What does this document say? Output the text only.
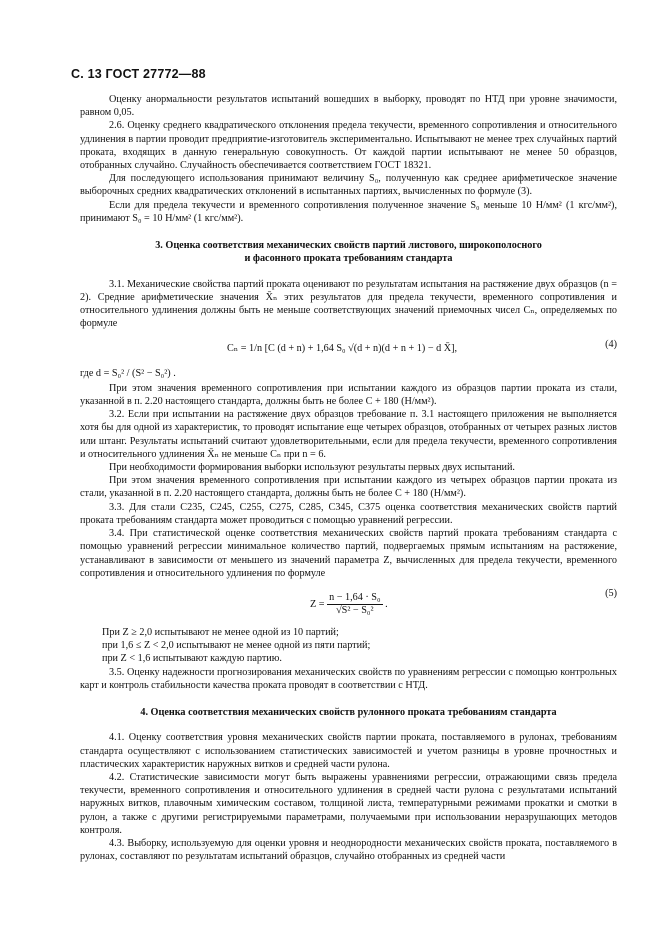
С. 13 ГОСТ 27772—88

Оценку анормальности результатов испытаний вошедших в выборку, проводят по НТД при уровне значимости, равном 0,05.

2.6. Оценку среднего квадратического отклонения предела текучести, временного сопротивления и относительного удлинения в партии проводит предприятие-изготовитель экспериментально. Испытывают не менее трех случайных партий проката, входящих в данную генеральную совокупность. От каждой партии испытывают не менее 50 образцов, отобранных случайно. Случайность обеспечивается соответствием ГОСТ 18321.

Для последующего использования принимают величину S₀, полученную как среднее арифметическое значение выборочных средних квадратических отклонений в испытанных партиях, вычисленных по формуле (3).

Если для предела текучести и временного сопротивления полученное значение S₀ меньше 10 Н/мм² (1 кгс/мм²), принимают S₀ = 10 Н/мм² (1 кгс/мм²).

3. Оценка соответствия механических свойств партий листового, широкополосного
и фасонного проката требованиям стандарта

3.1. Механические свойства партий проката оценивают по результатам испытания на растяжение двух образцов (n = 2). Средние арифметические значения X̄ₙ этих результатов для предела текучести, временного сопротивления и относительного удлинения должны быть не меньше соответствующих значений приемочных чисел Cₙ, определяемых по формуле

Cₙ = 1/n [C (d + n) + 1,64 S₀ √(d + n)(d + n + 1) − d X̄],	(4)

где d = S₀² / (S² − S₀²) .

При этом значения временного сопротивления при испытании каждого из образцов партии проката из стали, указанной в п. 2.20 настоящего стандарта, должны быть не более C + 180 (Н/мм²).

3.2. Если при испытании на растяжение двух образцов требование п. 3.1 настоящего приложения не выполняется хотя бы для одной из характеристик, то проводят испытание еще четырех образцов, отобранных от четырех разных листов или штанг. Результаты испытаний считают удовлетворительными, если для предела текучести, временного сопротивления и относительного удлинения X̄ₙ не меньше Cₙ при n = 6.

При необходимости формирования выборки используют результаты первых двух испытаний.

При этом значения временного сопротивления при испытании каждого из четырех образцов партии проката из стали, указанной в п. 2.20 настоящего стандарта, должны быть не более C + 180 (Н/мм²).

3.3. Для стали С235, С245, С255, С275, С285, С345, С375 оценка соответствия механических свойств партий проката требованиям стандарта может проводиться с помощью уравнений регрессии.

3.4. При статистической оценке соответствия механических свойств партий проката требованиям стандарта с помощью уравнений регрессии минимальное количество партий, подвергаемых прямым испытаниям на растяжение, устанавливают в зависимости от меньшего из значений параметра Z, вычисленных для предела текучести, временного сопротивления и относительного удлинения по формуле

$Z = \frac{\text{n − 1,64 · S₀}}{\text{√S² − S₀²}}$ .
(5)

При Z ≥ 2,0 испытывают не менее одной из 10 партий;

при 1,6 ≤ Z < 2,0 испытывают не менее одной из пяти партий;

при Z < 1,6 испытывают каждую партию.

3.5. Оценку надежности прогнозирования механических свойств по уравнениям регрессии с помощью контрольных карт и контроль стабильности качества проката проводят в соответствии с НТД.

4. Оценка соответствия механических свойств рулонного проката требованиям стандарта

4.1. Оценку соответствия уровня механических свойств партии проката, поставляемого в рулонах, требованиям стандарта осуществляют с использованием статистических зависимостей и учетом разницы в уровне прочностных и пластических характеристик наружных витков и средней части рулона.

4.2. Статистические зависимости могут быть выражены уравнениями регрессии, отражающими связь предела текучести, временного сопротивления и относительного удлинения в средней части рулона с результатами испытаний наружных витков, плавочным химическим составом, толщиной листа, температурными режимами прокатки и смотки в рулон, а также с другими регистрируемыми параметрами, получаемыми при использовании неразрушающих методов контроля.

4.3. Выборку, используемую для оценки уровня и неоднородности механических свойств проката, поставляемого в рулонах, составляют по результатам испытаний образцов, случайно отобранных из средней части
